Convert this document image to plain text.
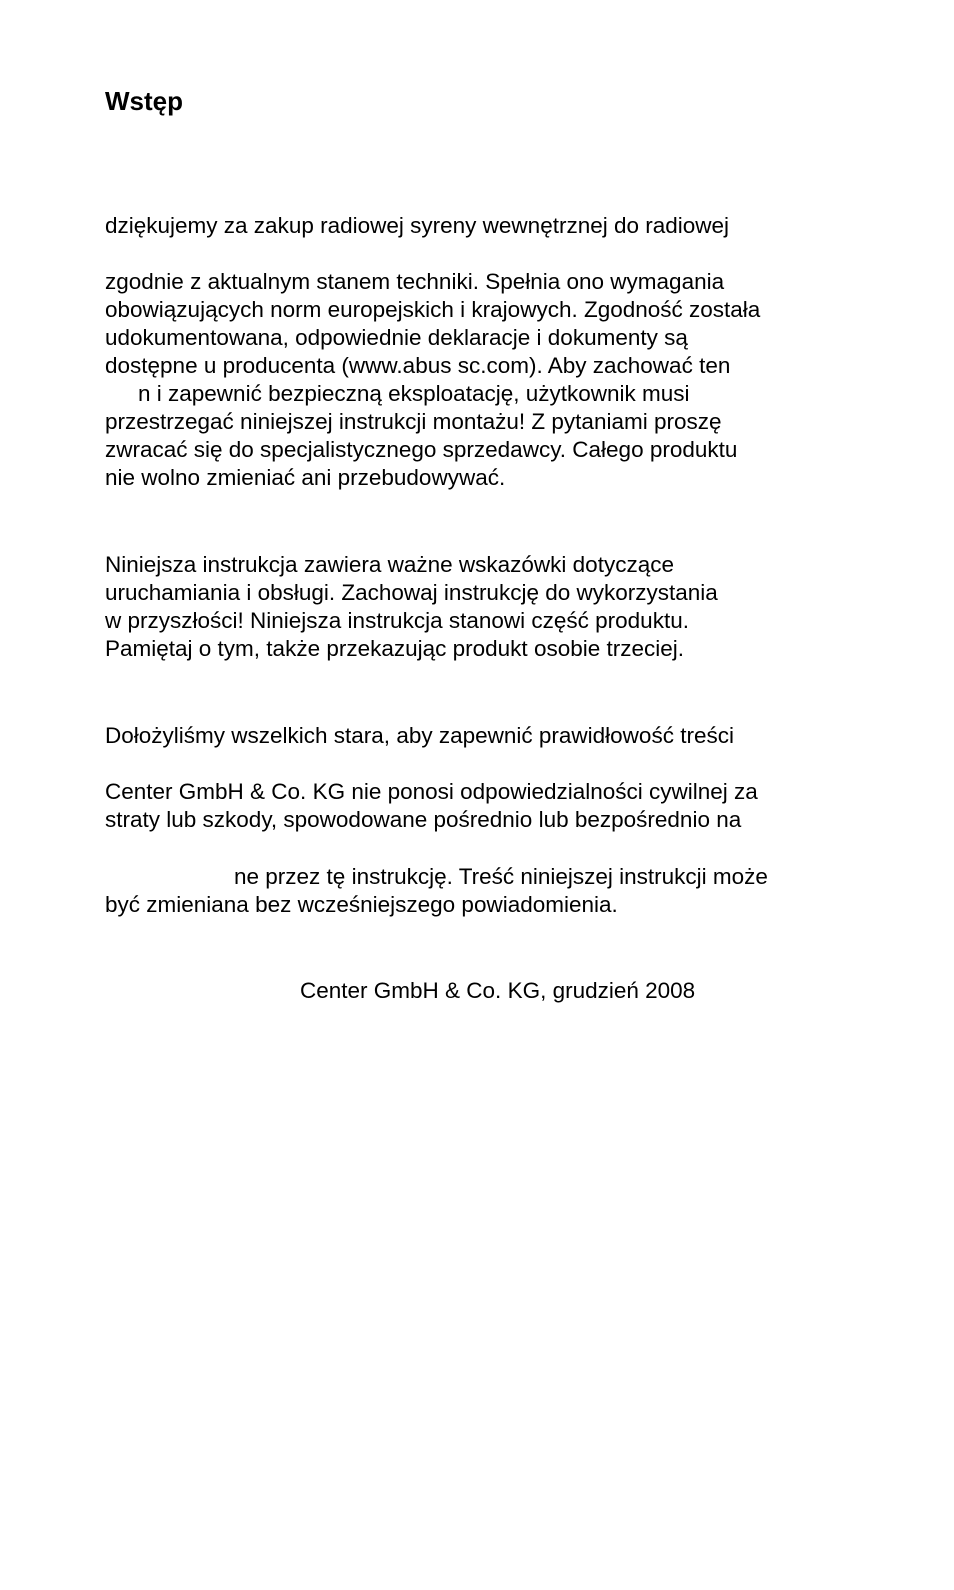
Wstęp

dziękujemy za zakup radiowej syreny wewnętrznej do radiowej

zgodnie z aktualnym stanem techniki. Spełnia ono wymagania

obowiązujących norm europejskich i krajowych. Zgodność została

udokumentowana, odpowiednie deklaracje i dokumenty są

dostępne u producenta (www.abus sc.com). Aby zachować ten

n i zapewnić bezpieczną eksploatację, użytkownik musi

przestrzegać niniejszej instrukcji montażu! Z pytaniami proszę

zwracać się do specjalistycznego sprzedawcy. Całego produktu

nie wolno zmieniać ani przebudowywać.

Niniejsza instrukcja zawiera ważne wskazówki dotyczące

uruchamiania i obsługi. Zachowaj instrukcję do wykorzystania

w przyszłości! Niniejsza instrukcja stanowi część produktu.

Pamiętaj o tym, także przekazując produkt osobie trzeciej.

Dołożyliśmy wszelkich stara, aby zapewnić prawidłowość treści

Center GmbH & Co. KG nie ponosi odpowiedzialności cywilnej za

straty lub szkody, spowodowane pośrednio lub bezpośrednio na

ne przez tę instrukcję. Treść niniejszej instrukcji może

być zmieniana bez wcześniejszego powiadomienia.

Center GmbH & Co. KG, grudzień 2008
